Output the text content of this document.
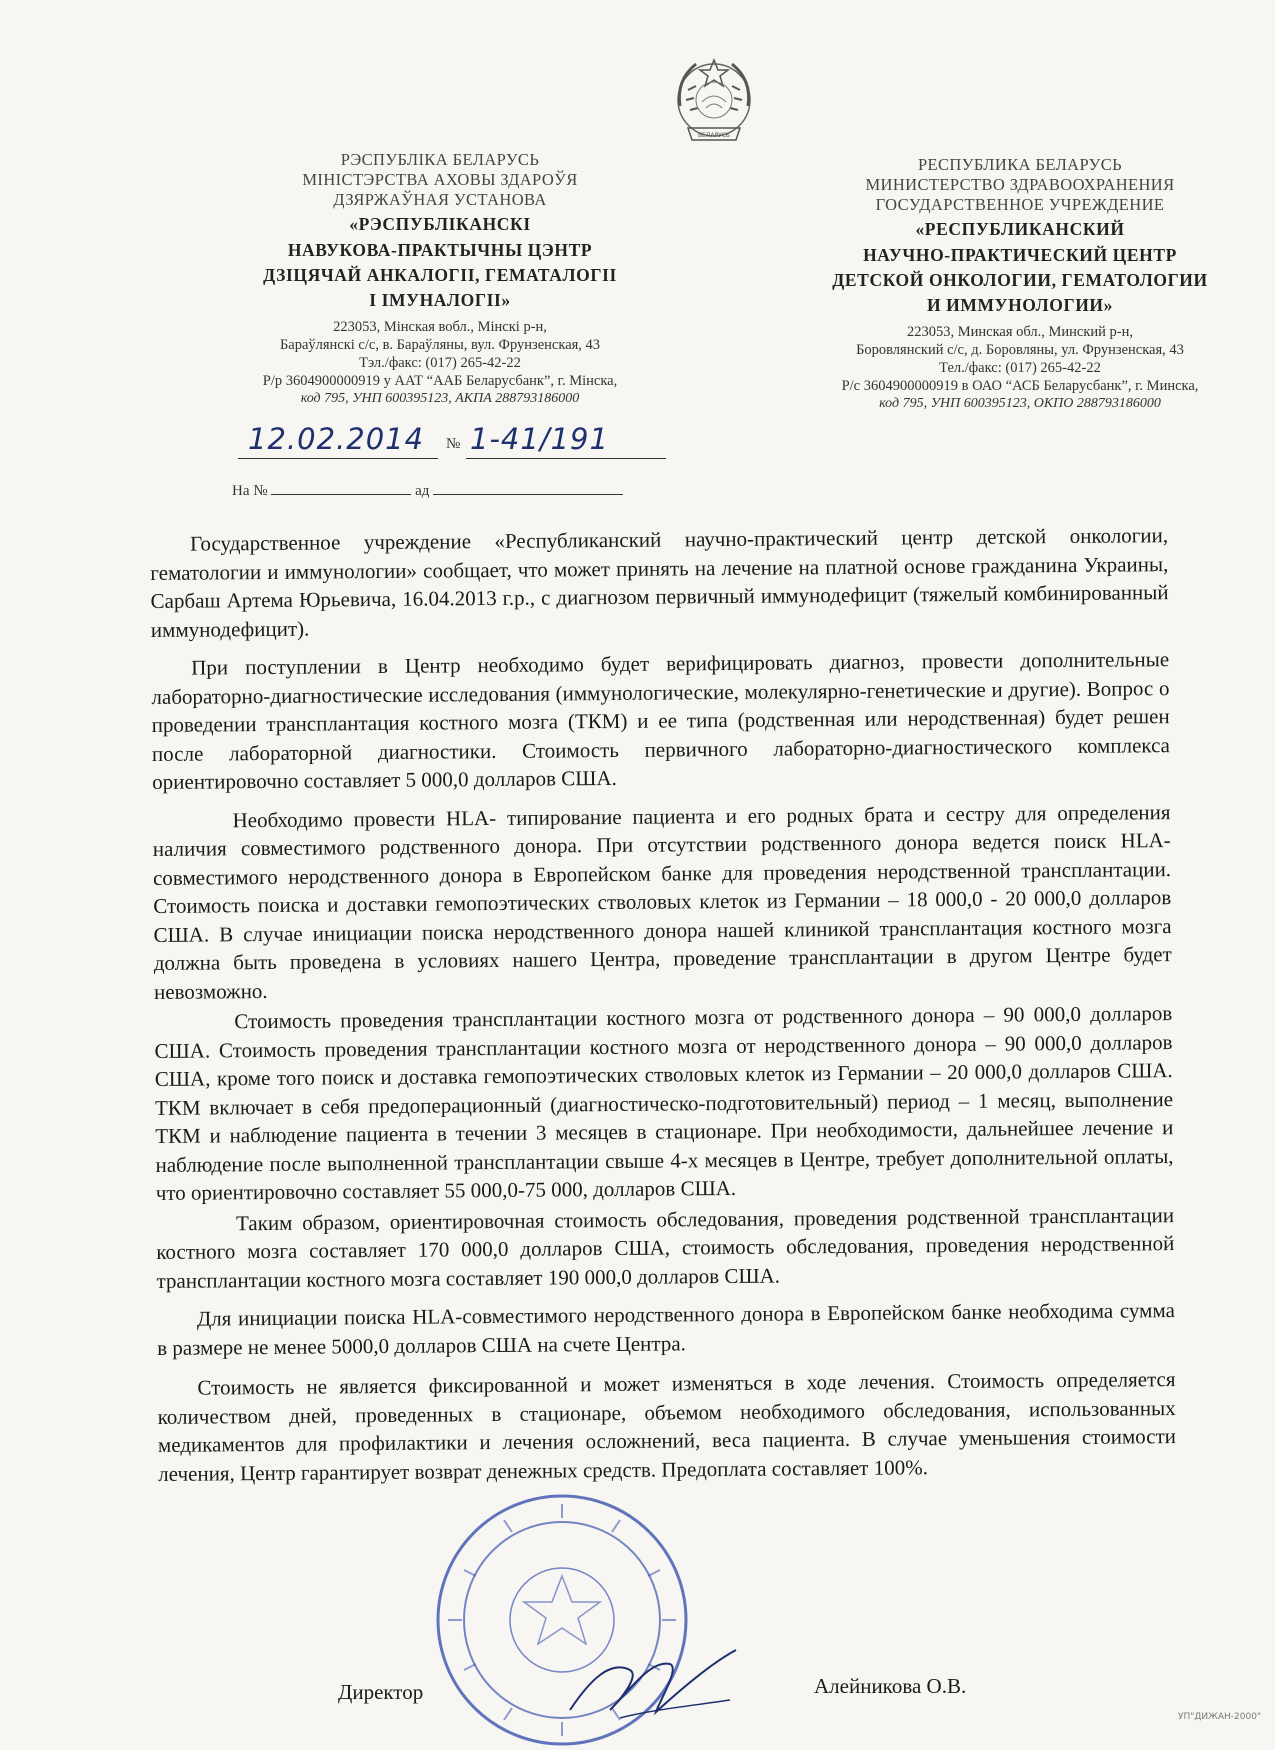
БЕЛАРУСЬ
РЭСПУБЛІКА БЕЛАРУСЬ
МІНІСТЭРСТВА АХОВЫ ЗДАРОЎЯ
ДЗЯРЖАЎНАЯ УСТАНОВА
«РЭСПУБЛІКАНСКІ
НАВУКОВА-ПРАКТЫЧНЫ ЦЭНТР
ДЗІЦЯЧАЙ АНКАЛОГІІ, ГЕМАТАЛОГІІ
І ІМУНАЛОГІІ»
223053, Мінская вобл., Мінскі р-н,
Бараўлянскі с/с, в. Бараўляны, вул. Фрунзенская, 43
Тэл./факс: (017) 265-42-22
Р/р 3604900000919 у ААТ “ААБ Беларусбанк”, г. Мінска,
код 795, УНП 600395123, АКПА 288793186000
РЕСПУБЛИКА БЕЛАРУСЬ
МИНИСТЕРСТВО ЗДРАВООХРАНЕНИЯ
ГОСУДАРСТВЕННОЕ УЧРЕЖДЕНИЕ
«РЕСПУБЛИКАНСКИЙ
НАУЧНО-ПРАКТИЧЕСКИЙ ЦЕНТР
ДЕТСКОЙ ОНКОЛОГИИ, ГЕМАТОЛОГИИ
И ИММУНОЛОГИИ»
223053, Минская обл., Минский р-н,
Боровлянский с/с, д. Боровляны, ул. Фрунзенская, 43
Тел./факс: (017) 265-42-22
Р/с 3604900000919 в ОАО “АСБ Беларусбанк”, г. Минска,
код 795, УНП 600395123, ОКПО 288793186000
12.02.2014 № 1-41/191
На №	ад

Государственное учреждение «Республиканский научно-практический центр детской онкологии, гематологии и иммунологии» сообщает, что может принять на лечение на платной основе гражданина Украины, Сарбаш Артема Юрьевича, 16.04.2013 г.р., с диагнозом первичный иммунодефицит (тяжелый комбинированный иммунодефицит).

При поступлении в Центр необходимо будет верифицировать диагноз, провести дополнительные лабораторно-диагностические исследования (иммунологические, молекулярно-генетические и другие). Вопрос о проведении трансплантация костного мозга (ТКМ) и ее типа (родственная или неродственная) будет решен после лабораторной диагностики. Стоимость первичного лабораторно-диагностического комплекса ориентировочно составляет 5 000,0 долларов США.

Необходимо провести HLA- типирование пациента и его родных брата и сестру для определения наличия совместимого родственного донора. При отсутствии родственного донора ведется поиск HLA-совместимого неродственного донора в Европейском банке для проведения неродственной трансплантации. Стоимость поиска и доставки гемопоэтических стволовых клеток из Германии – 18 000,0 - 20 000,0 долларов США. В случае инициации поиска неродственного донора нашей клиникой трансплантация костного мозга должна быть проведена в условиях нашего Центра, проведение трансплантации в другом Центре будет невозможно.

Стоимость проведения трансплантации костного мозга от родственного донора – 90 000,0 долларов США. Стоимость проведения трансплантации костного мозга от неродственного донора – 90 000,0 долларов США, кроме того поиск и доставка гемопоэтических стволовых клеток из Германии – 20 000,0 долларов США. ТКМ включает в себя предоперационный (диагностическо-подготовительный) период – 1 месяц, выполнение ТКМ и наблюдение пациента в течении 3 месяцев в стационаре. При необходимости, дальнейшее лечение и наблюдение после выполненной трансплантации свыше 4-х месяцев в Центре, требует дополнительной оплаты, что ориентировочно составляет 55 000,0-75 000, долларов США.

Таким образом, ориентировочная стоимость обследования, проведения родственной трансплантации костного мозга составляет 170 000,0 долларов США, стоимость обследования, проведения неродственной трансплантации костного мозга составляет 190 000,0 долларов США.

Для инициации поиска HLA-совместимого неродственного донора в Европейском банке необходима сумма в размере не менее 5000,0 долларов США на счете Центра.

Стоимость не является фиксированной и может изменяться в ходе лечения. Стоимость определяется количеством дней, проведенных в стационаре, объемом необходимого обследования, использованных медикаментов для профилактики и лечения осложнений, веса пациента. В случае уменьшения стоимости лечения, Центр гарантирует возврат денежных средств. Предоплата составляет 100%.

Директор	Алейникова О.В.
УП"ДИЖАН-2000"
